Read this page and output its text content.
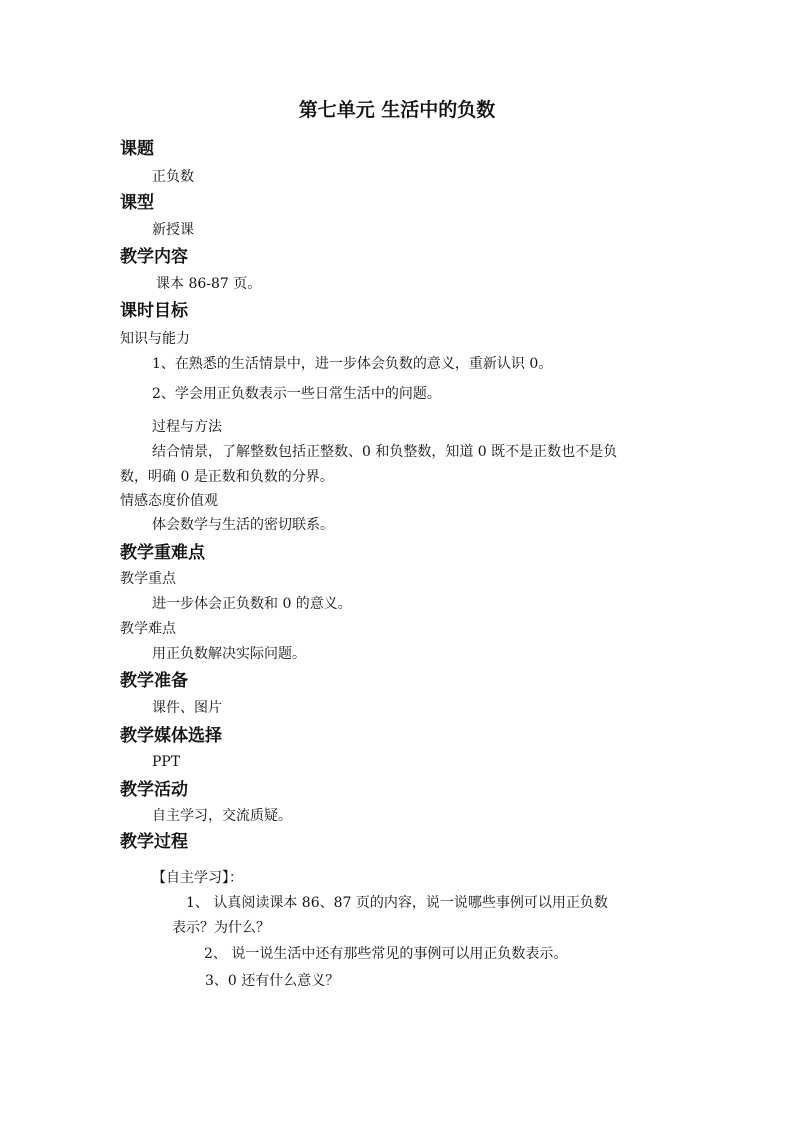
第七单元 生活中的负数
课题
正负数
课型
新授课
教学内容
课本 86-87 页。
课时目标
知识与能力
1、在熟悉的生活情景中，进一步体会负数的意义，重新认识 0。
2、学会用正负数表示一些日常生活中的问题。
过程与方法
结合情景，了解整数包括正整数、0 和负整数，知道 0 既不是正数也不是负
数，明确 0 是正数和负数的分界。
情感态度价值观
体会数学与生活的密切联系。
教学重难点
教学重点
进一步体会正负数和 0 的意义。
教学难点
用正负数解决实际问题。
教学准备
课件、图片
教学媒体选择
PPT
教学活动
自主学习，交流质疑。
教学过程
【自主学习】：
1、 认真阅读课本 86、87 页的内容，说一说哪些事例可以用正负数
表示？为什么？
2、 说一说生活中还有那些常见的事例可以用正负数表示。
3、0 还有什么意义？
